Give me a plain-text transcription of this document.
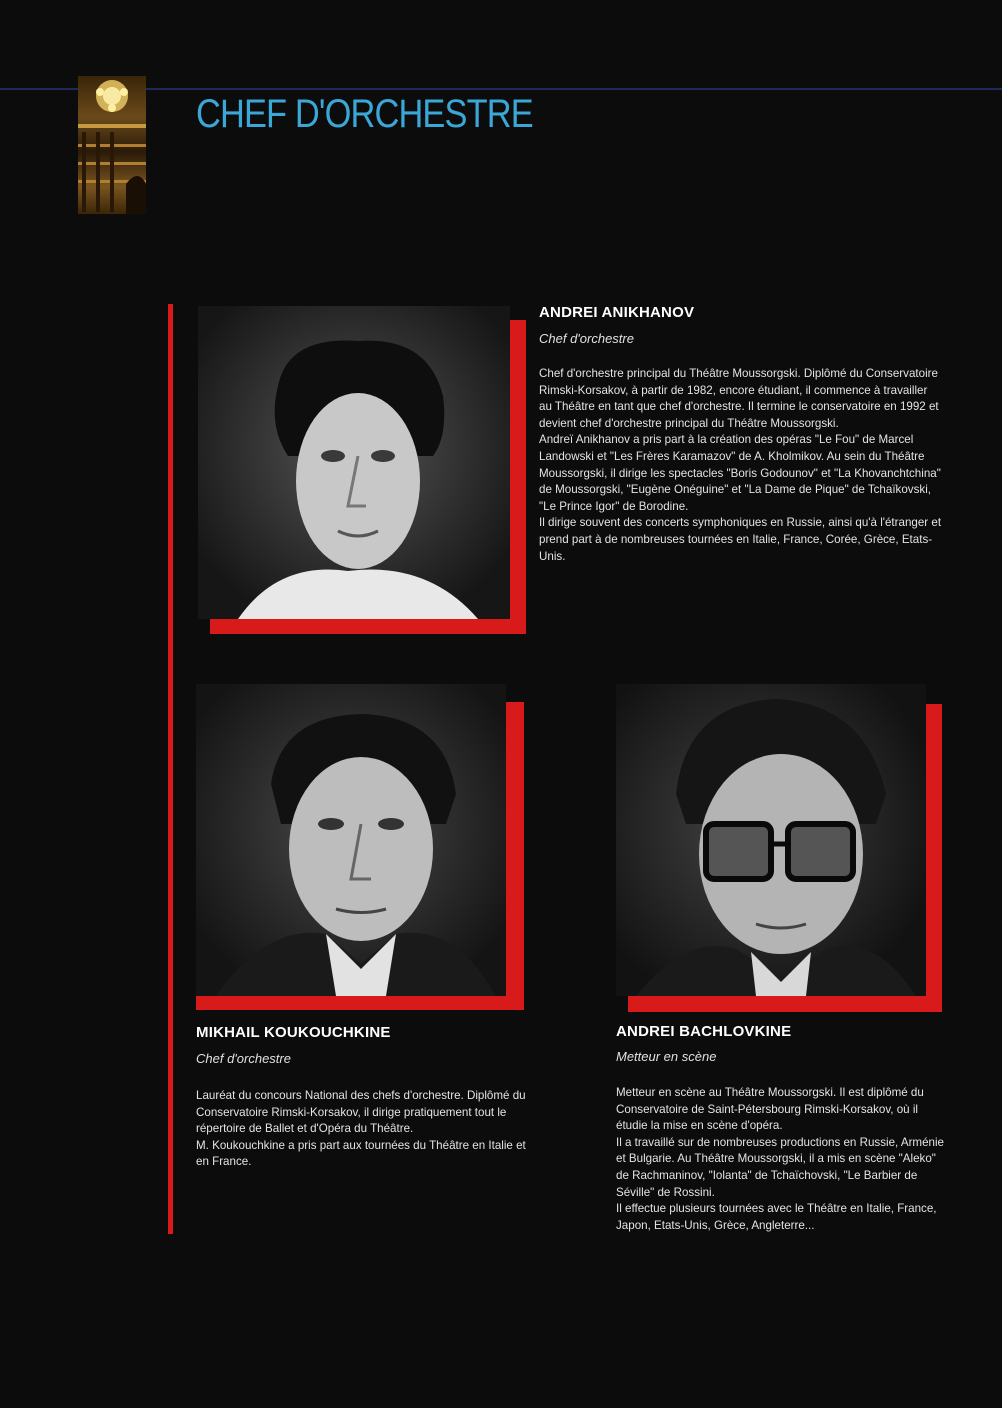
CHEF D'ORCHESTRE
ANDREI ANIKHANOV
Chef d'orchestre

Chef d'orchestre principal du Théâtre Moussorgski. Diplômé du Conservatoire Rimski-Korsakov, à partir de 1982, encore étudiant, il commence à travailler au Théâtre en tant que chef d'orchestre. Il termine le conservatoire en 1992 et devient chef d'orchestre principal du Théâtre Moussorgski.

Andreï Anikhanov a pris part à la création des opéras "Le Fou" de Marcel Landowski et "Les Frères Karamazov" de A. Kholmikov. Au sein du Théâtre Moussorgski, il dirige les spectacles "Boris Godounov" et "La Khovanchtchina" de Moussorgski, "Eugène Onéguine" et "La Dame de Pique" de Tchaïkovski, "Le Prince Igor" de Borodine.

Il dirige souvent des concerts symphoniques en Russie, ainsi qu'à l'étranger et prend part à de nombreuses tournées en Italie, France, Corée, Grèce, Etats-Unis.

MIKHAIL KOUKOUCHKINE
Chef d'orchestre

Lauréat du concours National des chefs d'orchestre. Diplômé du Conservatoire Rimski-Korsakov, il dirige pratiquement tout le répertoire de Ballet et d'Opéra du Théâtre.

M. Koukouchkine a pris part aux tournées du Théâtre en Italie et en France.

ANDREI BACHLOVKINE
Metteur en scène

Metteur en scène au Théâtre Moussorgski. Il est diplômé du Conservatoire de Saint-Pétersbourg Rimski-Korsakov, où il étudie la mise en scène d'opéra.

Il a travaillé sur de nombreuses productions en Russie, Arménie et Bulgarie. Au Théâtre Moussorgski, il a mis en scène "Aleko" de Rachmaninov, "Iolanta" de Tchaïchovski, "Le Barbier de Séville" de Rossini.

Il effectue plusieurs tournées avec le Théâtre en Italie, France, Japon, Etats-Unis, Grèce, Angleterre...
